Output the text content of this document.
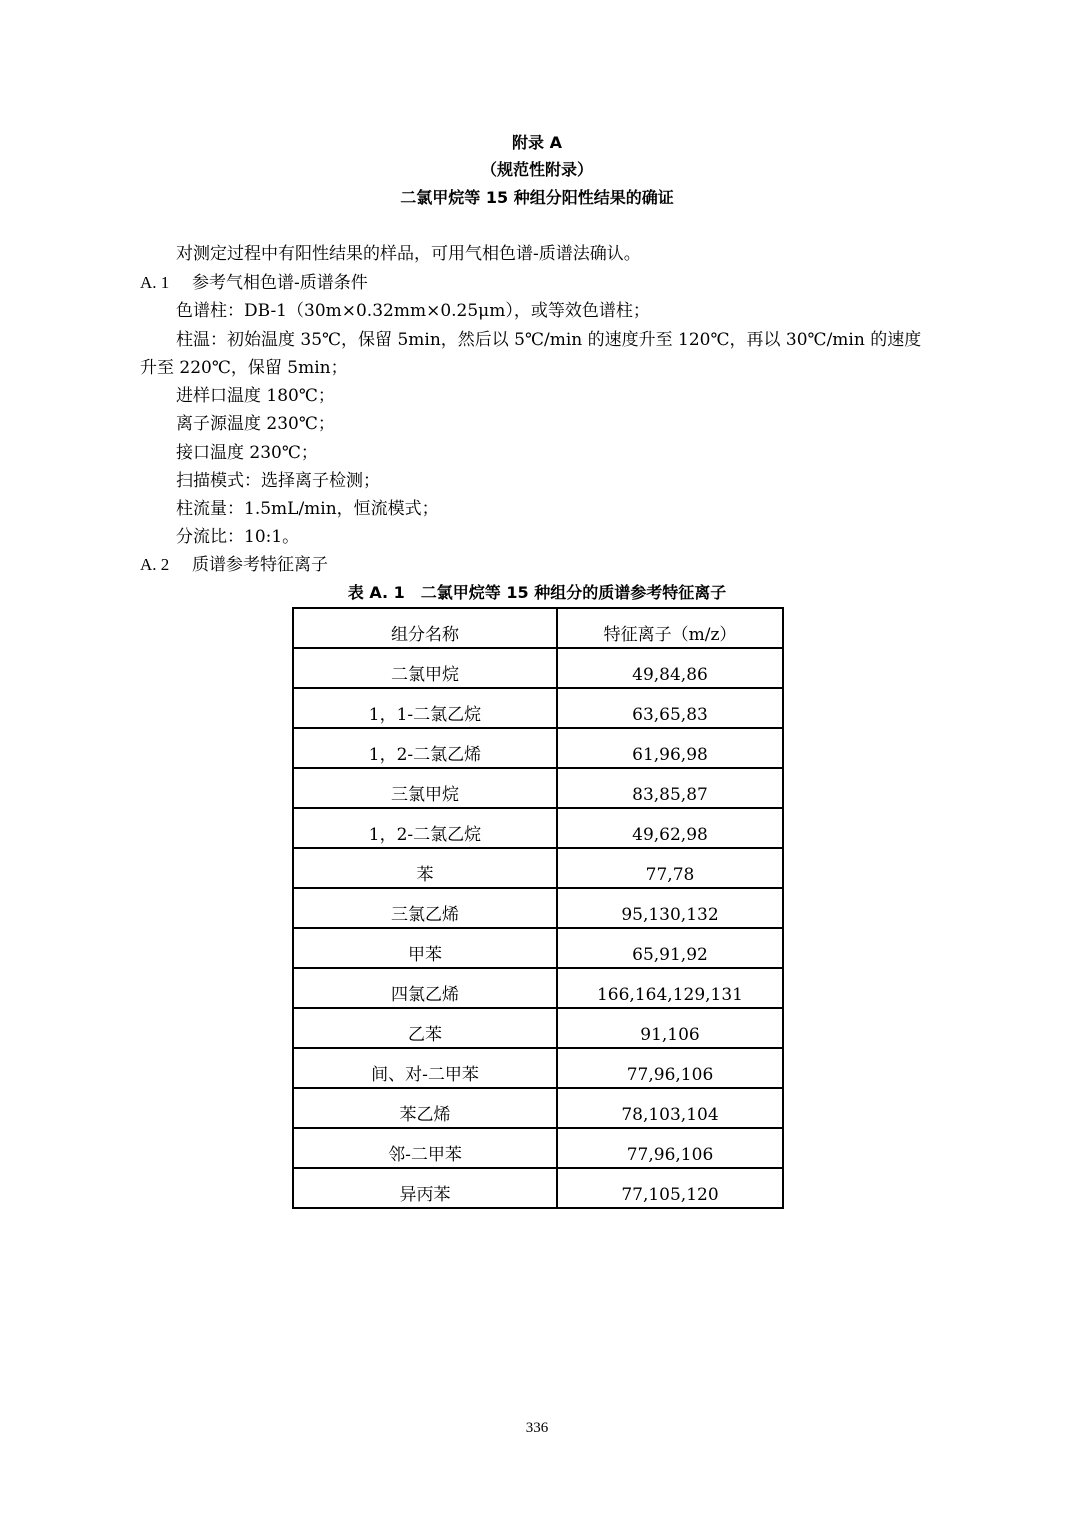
附录 A
（规范性附录）
二氯甲烷等 15 种组分阳性结果的确证
对测定过程中有阳性结果的样品，可用气相色谱-质谱法确认。
A. 1 参考气相色谱-质谱条件
色谱柱：DB-1（30m×0.32mm×0.25μm），或等效色谱柱；
柱温：初始温度 35℃，保留 5min，然后以 5℃/min 的速度升至 120℃，再以 30℃/min 的速度
升至 220℃，保留 5min；
进样口温度 180℃；
离子源温度 230℃；
接口温度 230℃；
扫描模式：选择离子检测；
柱流量：1.5mL/min，恒流模式；
分流比：10:1。
A. 2 质谱参考特征离子
表 A. 1　二氯甲烷等 15 种组分的质谱参考特征离子
组分名称	特征离子（m/z）
二氯甲烷	49,84,86
1，1-二氯乙烷	63,65,83
1，2-二氯乙烯	61,96,98
三氯甲烷	83,85,87
1，2-二氯乙烷	49,62,98
苯	77,78
三氯乙烯	95,130,132
甲苯	65,91,92
四氯乙烯	166,164,129,131
乙苯	91,106
间、对-二甲苯	77,96,106
苯乙烯	78,103,104
邻-二甲苯	77,96,106
异丙苯	77,105,120
336
